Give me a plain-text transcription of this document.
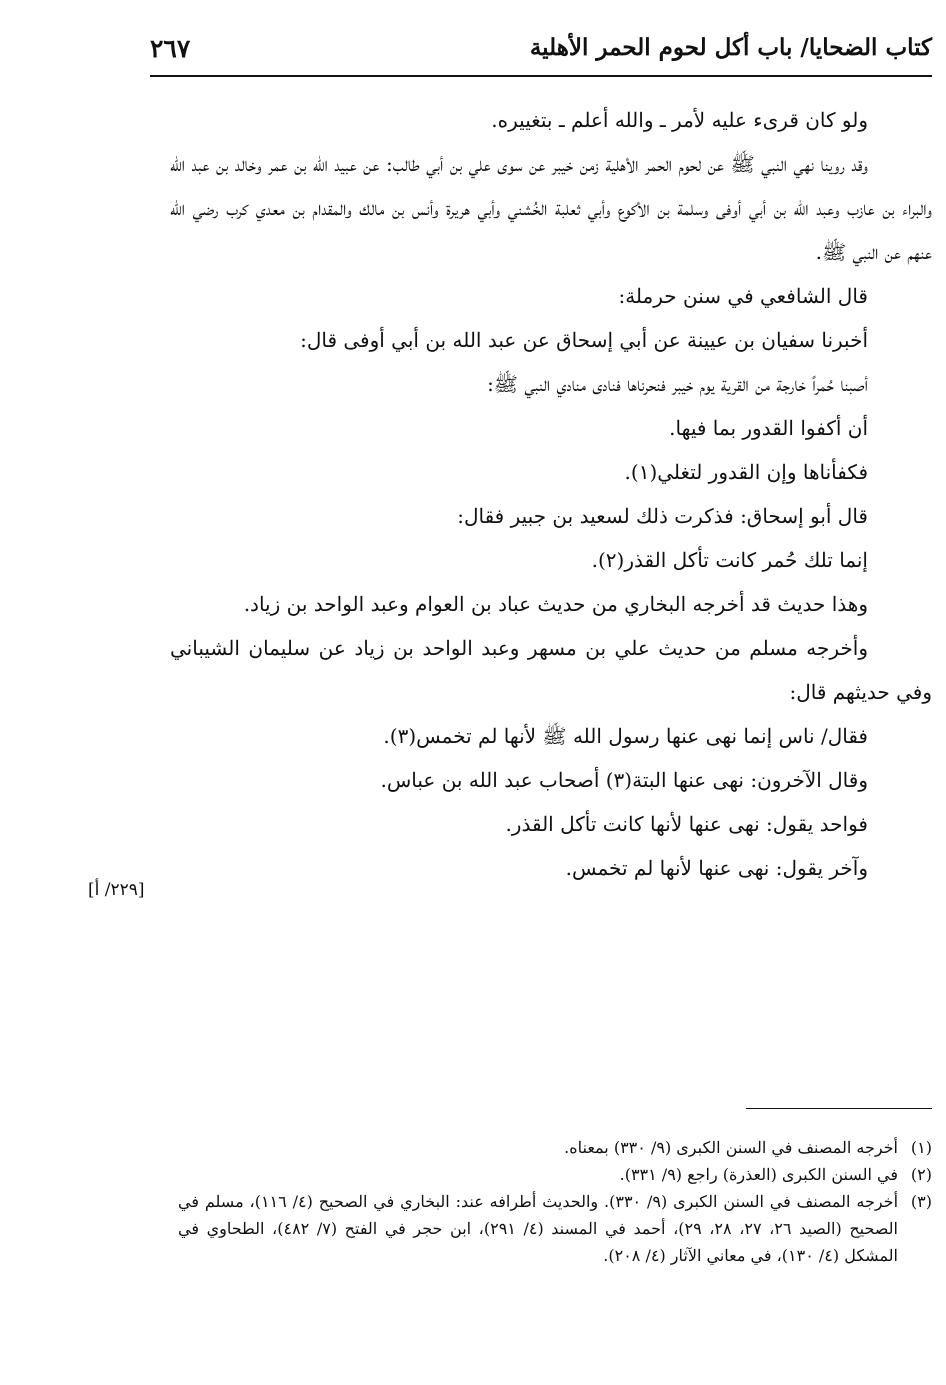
كتاب الضحايا/ باب أكل لحوم الحمر الأهلية
٢٦٧

ولو كان قرىء عليه لأمر ـ والله أعلم ـ بتغييره.

وقد روينا نهي النبي ﷺ عن لحوم الحمر الأهلية زمن خيبر عن سوى علي بن أبي طالب: عن عبيد الله بن عمر وخالد بن عبد الله والبراء بن عازب وعبد الله بن أبي أوفى وسلمة بن الأكوع وأبي ثعلبة الخُشني وأبي هريرة وأنس بن مالك والمقدام بن معدي كرب رضي الله عنهم عن النبي ﷺ.

قال الشافعي في سنن حرملة:

أخبرنا سفيان بن عيينة عن أبي إسحاق عن عبد الله بن أبي أوفى قال:

أصبنا حُمراً خارجة من القرية يوم خيبر فنحرناها فنادى منادي النبي ﷺ:

أن أكفوا القدور بما فيها.

فكفأناها وإن القدور لتغلي(١).

قال أبو إسحاق: فذكرت ذلك لسعيد بن جبير فقال:

إنما تلك حُمر كانت تأكل القذر(٢).

وهذا حديث قد أخرجه البخاري من حديث عباد بن العوام وعبد الواحد بن زياد.

وأخرجه مسلم من حديث علي بن مسهر وعبد الواحد بن زياد عن سليمان الشيباني وفي حديثهم قال:

فقال/ ناس إنما نهى عنها رسول الله ﷺ لأنها لم تخمس(٣).

وقال الآخرون: نهى عنها البتة(٣) أصحاب عبد الله بن عباس.

فواحد يقول: نهى عنها لأنها كانت تأكل القذر.

وآخر يقول: نهى عنها لأنها لم تخمس.

[٢٢٩/ أ]

(١)
أخرجه المصنف في السنن الكبرى (٩/ ٣٣٠) بمعناه.

(٢)
في السنن الكبرى (العذرة) راجع (٩/ ٣٣١).

(٣)
أخرجه المصنف في السنن الكبرى (٩/ ٣٣٠). والحديث أطرافه عند: البخاري في الصحيح (٤/ ١١٦)، مسلم في الصحيح (الصيد ٢٦، ٢٧، ٢٨، ٢٩)، أحمد في المسند (٤/ ٢٩١)، ابن حجر في الفتح (٧/ ٤٨٢)، الطحاوي في المشكل (٤/ ١٣٠)، في معاني الآثار (٤/ ٢٠٨).
